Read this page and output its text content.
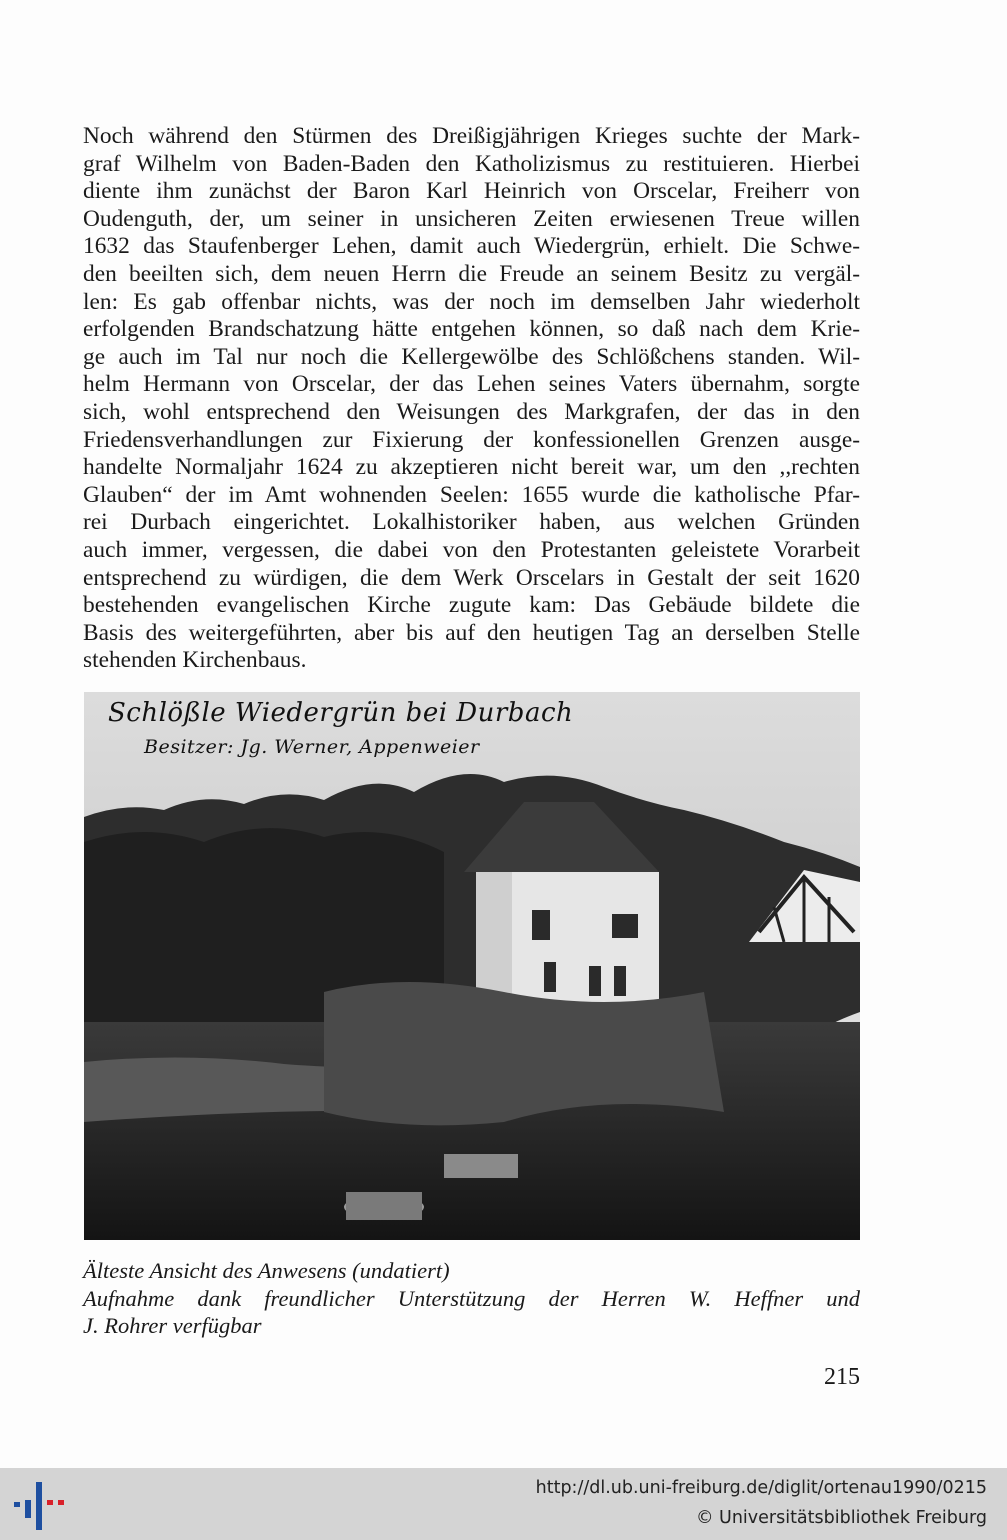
Noch während den Stürmen des Dreißigjährigen Krieges suchte der Mark-
graf Wilhelm von Baden-Baden den Katholizismus zu restituieren. Hierbei
diente ihm zunächst der Baron Karl Heinrich von Orscelar, Freiherr von
Oudenguth, der, um seiner in unsicheren Zeiten erwiesenen Treue willen
1632 das Staufenberger Lehen, damit auch Wiedergrün, erhielt. Die Schwe-
den beeilten sich, dem neuen Herrn die Freude an seinem Besitz zu vergäl-
len: Es gab offenbar nichts, was der noch im demselben Jahr wiederholt
erfolgenden Brandschatzung hätte entgehen können, so daß nach dem Krie-
ge auch im Tal nur noch die Kellergewölbe des Schlößchens standen. Wil-
helm Hermann von Orscelar, der das Lehen seines Vaters übernahm, sorgte
sich, wohl entsprechend den Weisungen des Markgrafen, der das in den
Friedensverhandlungen zur Fixierung der konfessionellen Grenzen ausge-
handelte Normaljahr 1624 zu akzeptieren nicht bereit war, um den ,,rechten
Glauben“ der im Amt wohnenden Seelen: 1655 wurde die katholische Pfar-
rei Durbach eingerichtet. Lokalhistoriker haben, aus welchen Gründen
auch immer, vergessen, die dabei von den Protestanten geleistete Vorarbeit
entsprechend zu würdigen, die dem Werk Orscelars in Gestalt der seit 1620
bestehenden evangelischen Kirche zugute kam: Das Gebäude bildete die
Basis des weitergeführten, aber bis auf den heutigen Tag an derselben Stelle
stehenden Kirchenbaus.
Schlößle Wiedergrün bei Durbach
Besitzer: Jg. Werner, Appenweier
Älteste Ansicht des Anwesens (undatiert)
Aufnahme dank freundlicher Unterstützung der Herren W. Heffner und
J. Rohrer verfügbar
215
http://dl.ub.uni-freiburg.de/diglit/ortenau1990/0215
© Universitätsbibliothek Freiburg
